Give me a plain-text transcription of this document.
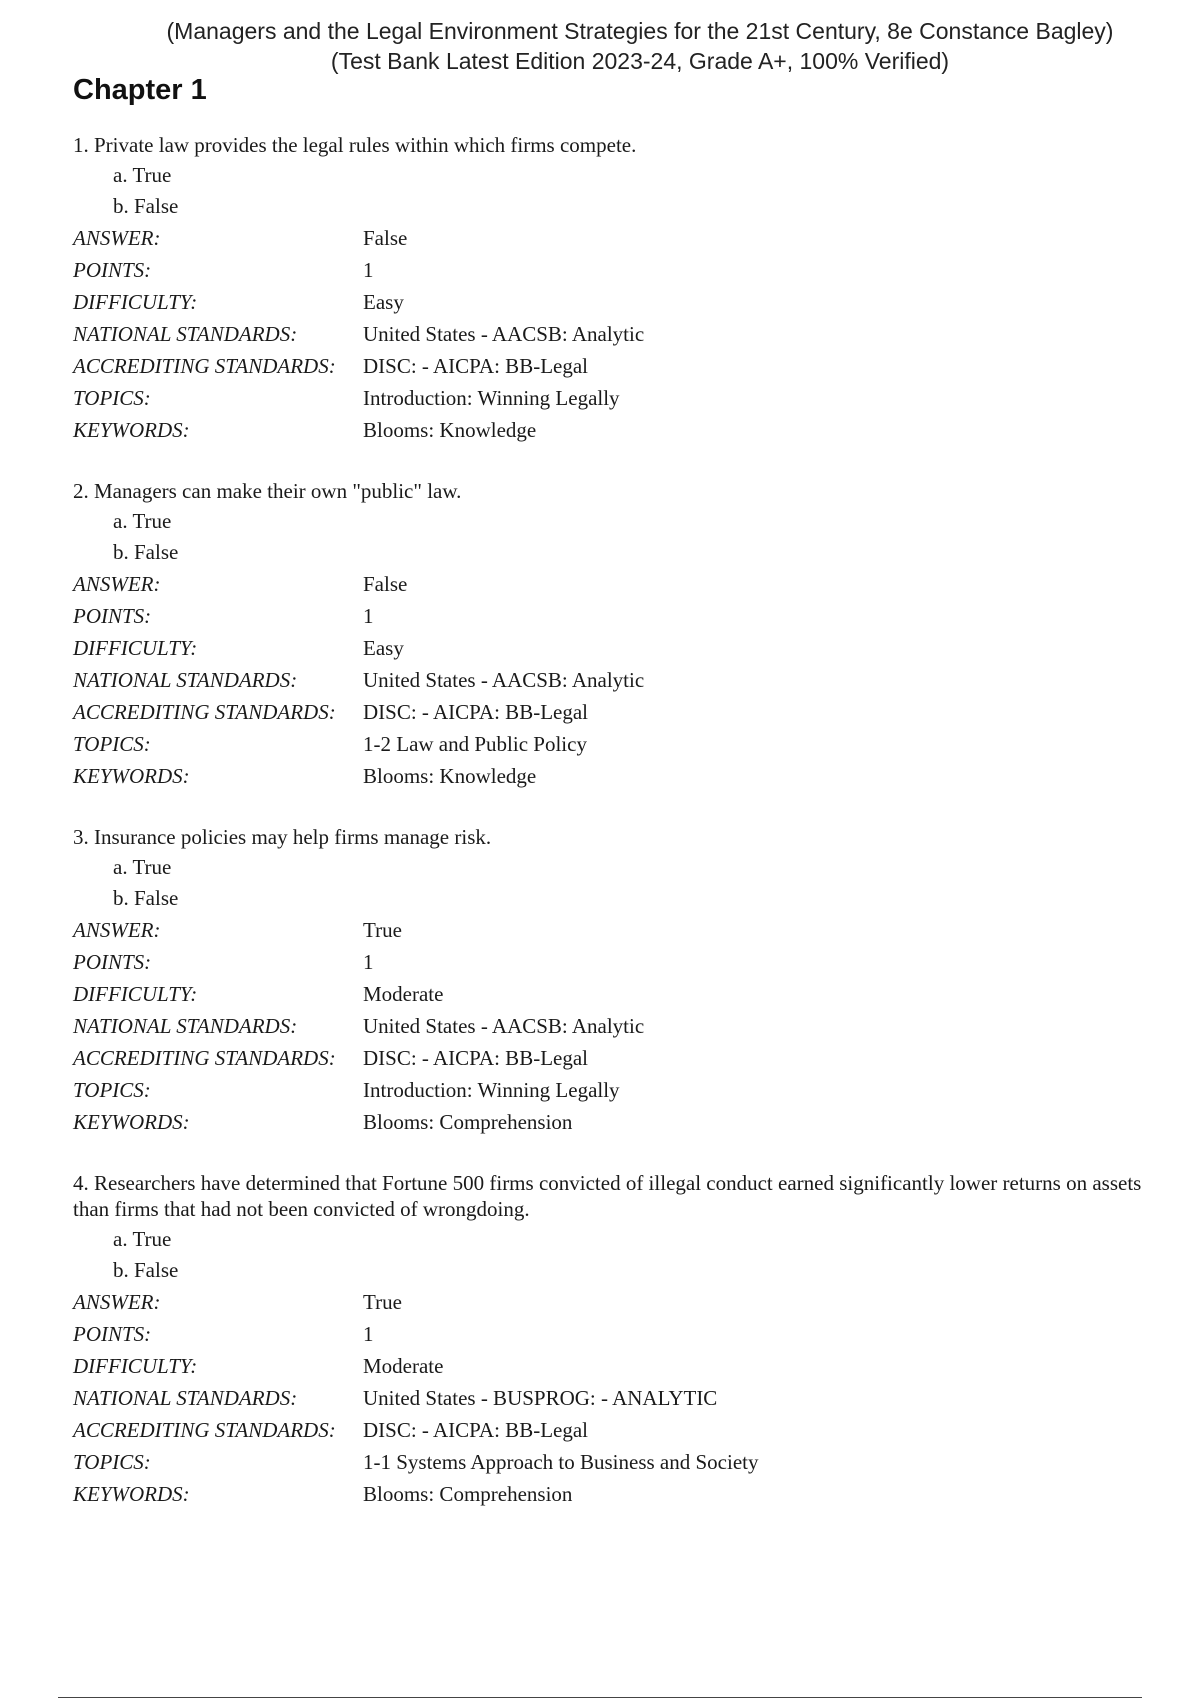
(Managers and the Legal Environment Strategies for the 21st Century, 8e Constance Bagley)
(Test Bank Latest Edition 2023-24, Grade A+, 100% Verified)
Chapter 1
1. Private law provides the legal rules within which firms compete.
a. True
b. False
ANSWER:	False
POINTS:	1
DIFFICULTY:	Easy
NATIONAL STANDARDS:	United States - AACSB: Analytic
ACCREDITING STANDARDS:	DISC: - AICPA: BB-Legal
TOPICS:	Introduction: Winning Legally
KEYWORDS:	Blooms: Knowledge
2. Managers can make their own "public" law.
a. True
b. False
ANSWER:	False
POINTS:	1
DIFFICULTY:	Easy
NATIONAL STANDARDS:	United States - AACSB: Analytic
ACCREDITING STANDARDS:	DISC: - AICPA: BB-Legal
TOPICS:	1-2 Law and Public Policy
KEYWORDS:	Blooms: Knowledge
3. Insurance policies may help firms manage risk.
a. True
b. False
ANSWER:	True
POINTS:	1
DIFFICULTY:	Moderate
NATIONAL STANDARDS:	United States - AACSB: Analytic
ACCREDITING STANDARDS:	DISC: - AICPA: BB-Legal
TOPICS:	Introduction: Winning Legally
KEYWORDS:	Blooms: Comprehension
4. Researchers have determined that Fortune 500 firms convicted of illegal conduct earned significantly lower returns on assets than firms that had not been convicted of wrongdoing.
a. True
b. False
ANSWER:	True
POINTS:	1
DIFFICULTY:	Moderate
NATIONAL STANDARDS:	United States - BUSPROG: - ANALYTIC
ACCREDITING STANDARDS:	DISC: - AICPA: BB-Legal
TOPICS:	1-1 Systems Approach to Business and Society
KEYWORDS:	Blooms: Comprehension
